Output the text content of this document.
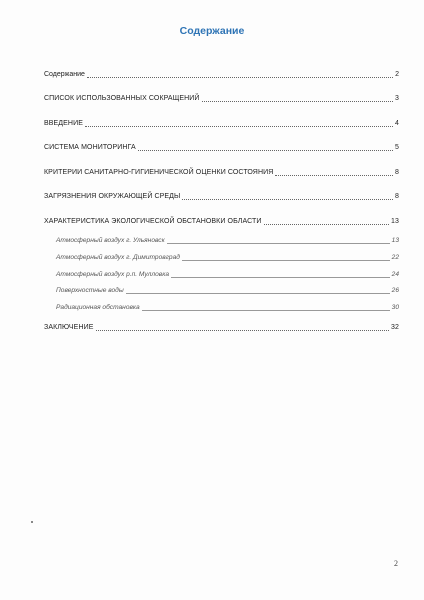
Содержание
Содержание	2
СПИСОК ИСПОЛЬЗОВАННЫХ СОКРАЩЕНИЙ	3
ВВЕДЕНИЕ	4
СИСТЕМА МОНИТОРИНГА	5
КРИТЕРИИ САНИТАРНО-ГИГИЕНИЧЕСКОЙ ОЦЕНКИ СОСТОЯНИЯ	8
ЗАГРЯЗНЕНИЯ ОКРУЖАЮЩЕЙ СРЕДЫ	8
ХАРАКТЕРИСТИКА ЭКОЛОГИЧЕСКОЙ ОБСТАНОВКИ ОБЛАСТИ	13
Атмосферный воздух г. Ульяновск	13
Атмосферный воздух г. Димитровград	22
Атмосферный воздух р.п. Мулловка	24
Поверхностные воды	26
Радиационная обстановка	30
ЗАКЛЮЧЕНИЕ	32
2
